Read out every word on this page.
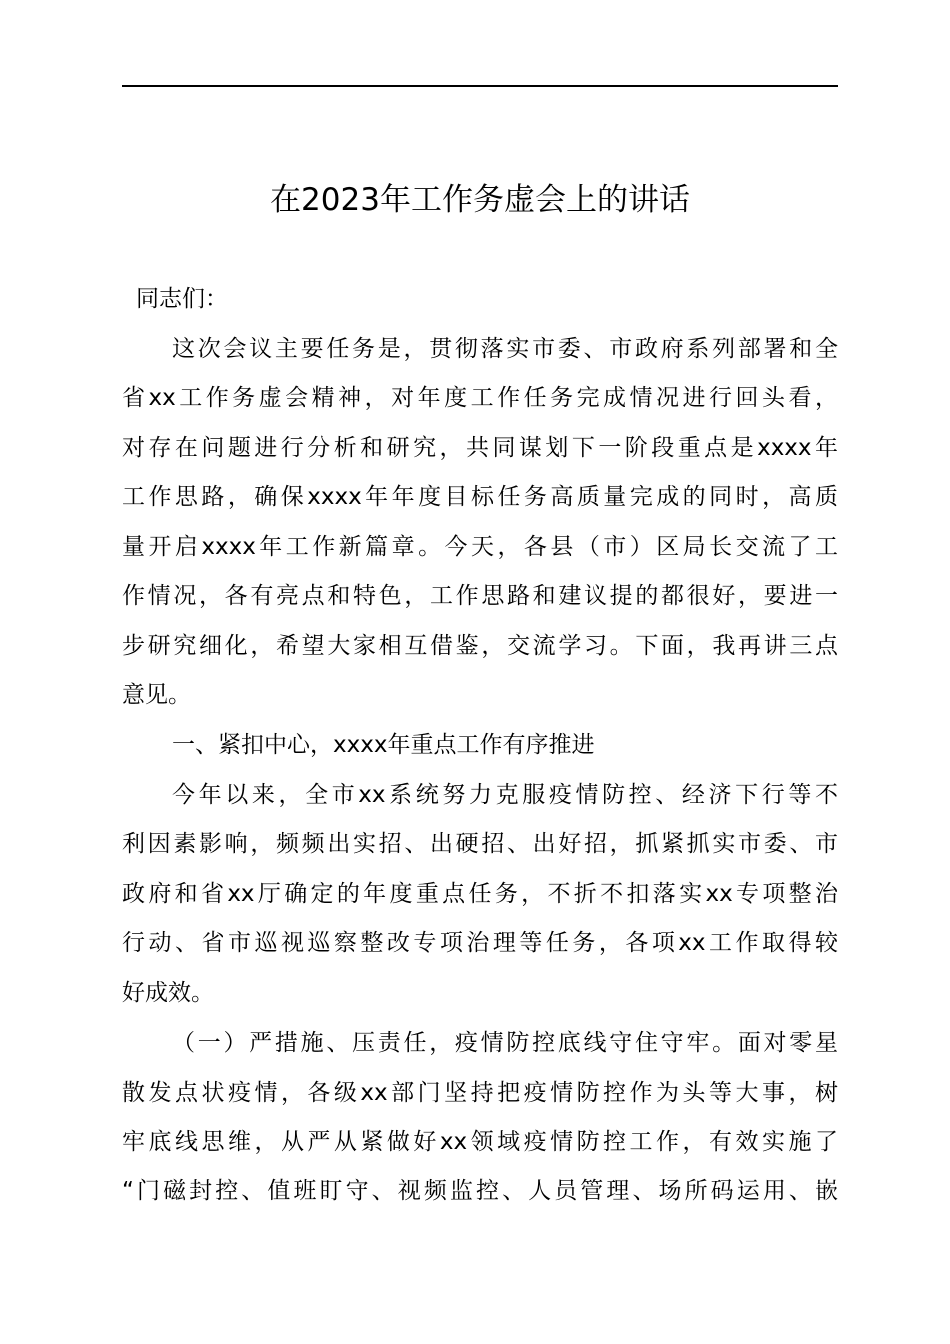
在2023年工作务虚会上的讲话
同志们：
这次会议主要任务是，贯彻落实市委、市政府系列部署和全
省xx工作务虚会精神，对年度工作任务完成情况进行回头看，
对存在问题进行分析和研究，共同谋划下一阶段重点是xxxx年
工作思路，确保xxxx年年度目标任务高质量完成的同时，高质
量开启xxxx年工作新篇章。今天，各县（市）区局长交流了工
作情况，各有亮点和特色，工作思路和建议提的都很好，要进一
步研究细化，希望大家相互借鉴，交流学习。下面，我再讲三点
意见。
一、紧扣中心，xxxx年重点工作有序推进
今年以来，全市xx系统努力克服疫情防控、经济下行等不
利因素影响，频频出实招、出硬招、出好招，抓紧抓实市委、市
政府和省xx厅确定的年度重点任务，不折不扣落实xx专项整治
行动、省市巡视巡察整改专项治理等任务，各项xx工作取得较
好成效。
（一）严措施、压责任，疫情防控底线守住守牢。面对零星
散发点状疫情，各级xx部门坚持把疫情防控作为头等大事，树
牢底线思维，从严从紧做好xx领域疫情防控工作，有效实施了
“门磁封控、值班盯守、视频监控、人员管理、场所码运用、嵌
